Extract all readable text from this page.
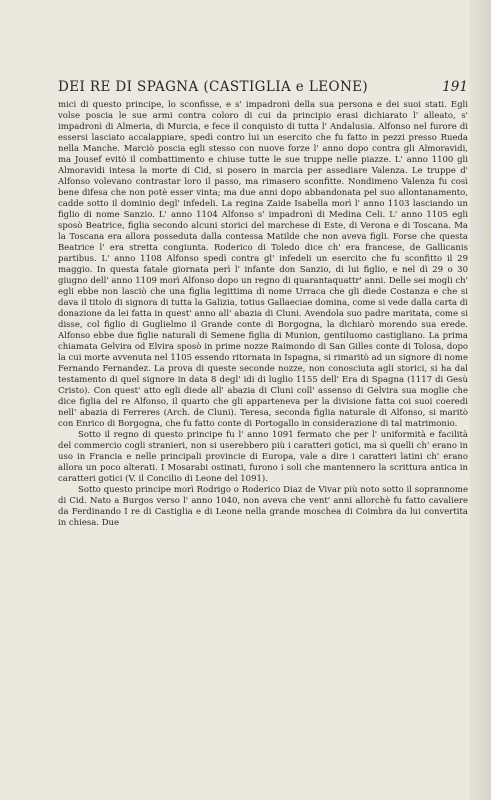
DEI RE DI SPAGNA (CASTIGLIA e LEONE)	191

mici di questo principe, lo sconfisse, e s' impadronì della sua persona e dei suoi stati. Egli volse poscia le sue armi contra coloro di cui da principio erasi dichiarato l' alleato, s' impadronì di Almeria, di Murcia, e fece il conquisto di tutta l' Andalusia. Alfonso nel furore di essersi lasciato accalappiare, spedì contro lui un esercito che fu fatto in pezzi presso Rueda nella Manche. Marciò poscia egli stesso con nuove forze l' anno dopo contra gli Almoravidi, ma Jousef evitò il combattimento e chiuse tutte le sue truppe nelle piazze. L' anno 1100 gli Almoravidi intesa la morte di Cid, si posero in marcia per assediare Valenza. Le truppe d' Alfonso volevano contrastar loro il passo, ma rimasero sconfitte. Nondimeno Valenza fu così bene difesa che non potè esser vinta; ma due anni dopo abbandonata pel suo allontanamento, cadde sotto il dominio degl' infedeli. La regina Zaide Isabella morì l' anno 1103 lasciando un figlio di nome Sanzio. L' anno 1104 Alfonso s' impadronì di Medina Celi. L' anno 1105 egli sposò Beatrice, figlia secondo alcuni storici del marchese di Este, di Verona e di Toscana. Ma la Toscana era allora posseduta dalla contessa Matilde che non aveva figli. Forse che questa Beatrice l' era stretta congiunta. Roderico di Toledo dice ch' era francese, de Gallicanis partibus. L' anno 1108 Alfonso spedì contra gl' infedeli un esercito che fu sconfitto il 29 maggio. In questa fatale giornata perì l' infante don Sanzio, di lui figlio, e nel dì 29 o 30 giugno dell' anno 1109 morì Alfonso dopo un regno di quarantaquattr' anni. Delle sei mogli ch' egli ebbe non lasciò che una figlia legittima di nome Urraca che gli diede Costanza e che si dava il titolo di signora di tutta la Galizia, totius Gallaeciae domina, come si vede dalla carta di donazione da lei fatta in quest' anno all' abazia di Cluni. Avendola suo padre maritata, come si disse, col figlio di Guglielmo il Grande conte di Borgogna, la dichiarò morendo sua erede. Alfonso ebbe due figlie naturali di Semene figlia di Munion, gentiluomo castigliano. La prima chiamata Gelvira od Elvira sposò in prime nozze Raimondo di San Gilles conte di Tolosa, dopo la cui morte avvenuta nel 1105 essendo ritornata in Ispagna, si rimaritò ad un signore di nome Fernando Fernandez. La prova di queste seconde nozze, non conosciuta agli storici, si ha dal testamento di quel signore in data 8 degl' idi di luglio 1155 dell' Era di Spagna (1117 di Gesù Cristo). Con quest' atto egli diede all' abazia di Cluni coll' assenso di Gelvira sua moglie che dice figlia del re Alfonso, il quarto che gli apparteneva per la divisione fatta coi suoi coeredi nell' abazia di Ferreres (Arch. de Cluni). Teresa, seconda figlia naturale di Alfonso, si maritò con Enrico di Borgogna, che fu fatto conte di Portogallo in considerazione di tal matrimonio.

Sotto il regno di questo principe fu l' anno 1091 fermato che per l' uniformità e facilità del commercio cogli stranieri, non si userebbero più i caratteri gotici, ma sì quelli ch' erano in uso in Francia e nelle principali provincie di Europa, vale a dire i caratteri latini ch' erano allora un poco alterati. I Mosarabi ostinati, furono i soli che mantennero la scrittura antica in caratteri gotici (V. il Concilio di Leone del 1091).

Sotto questo principe morì Rodrigo o Roderico Diaz de Vivar più noto sotto il soprannome di Cid. Nato a Burgos verso l' anno 1040, non aveva che vent' anni allorchè fu fatto cavaliere da Ferdinando I re di Castiglia e di Leone nella grande moschea di Coimbra da lui convertita in chiesa. Due
